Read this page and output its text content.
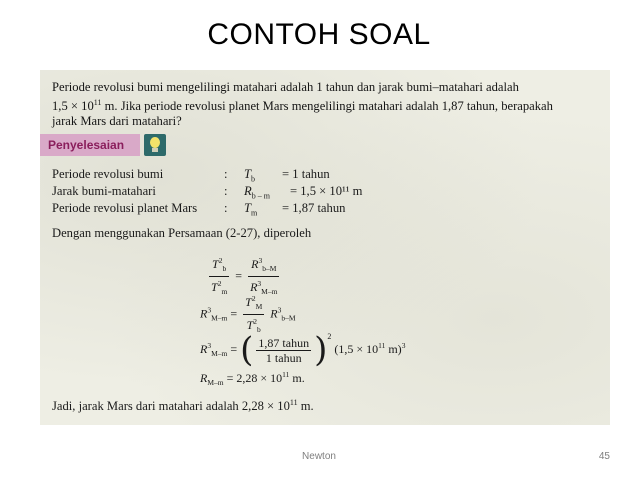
CONTOH SOAL
Periode revolusi bumi mengelilingi matahari adalah 1 tahun dan jarak bumi–matahari adalah
$1,5 \times 10^{11}$ m. Jika periode revolusi planet Mars mengelilingi matahari adalah 1,87 tahun, berapakah
jarak Mars dari matahari?
Penyelesaian
Periode revolusi bumi	: $T_b = 1$ tahun
Jarak bumi-matahari	: $R_{b - m} = 1,5 \times 10^{11}$ m
Periode revolusi planet Mars : $T_m = 1,87$ tahun
Dengan menggunakan Persamaan (2-27), diperoleh
$\frac{T^2_b}{T^2_m} = \frac{R^3_{b-M}}{R^3_{M-m}}$
$R^3_{M-m} = \frac{T^2_M}{T^2_b} R^3_{b-M}$
$R^3_{M-m}$ = ( $\frac{\text{1,87 tahun}}{\text{1 tahun}} )^2$ ($1,5 \times 10^{11}$ m)$^3$
$R_{M-m} = 2,28 \times 10^{11}$ m.
Jadi, jarak Mars dari matahari adalah $2,28 \times 10^{11}$ m.
Newton	45
